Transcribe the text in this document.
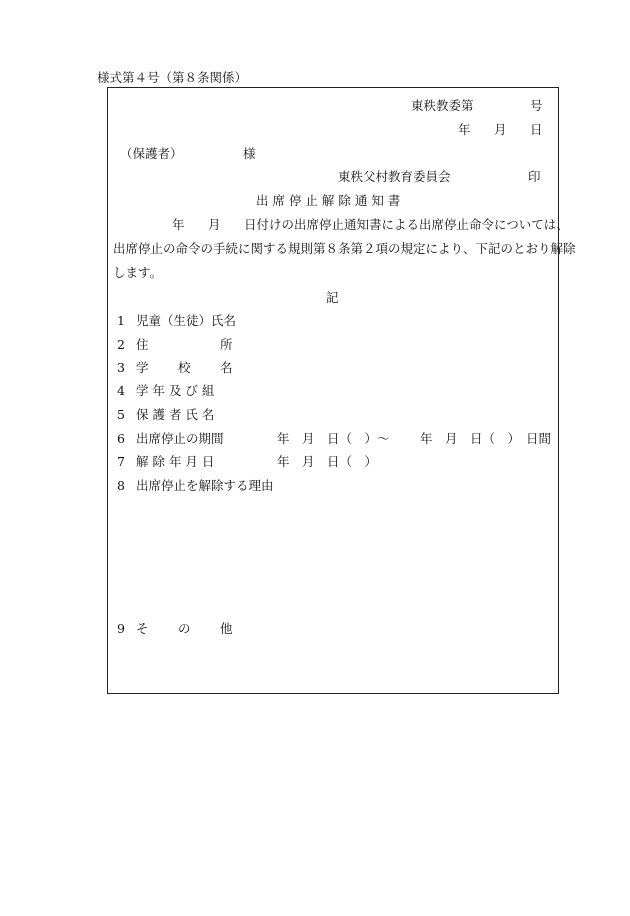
様式第４号（第８条関係）
東秩教委第	号
年 月 日
（保護者）	様
東秩父村教育委員会	印
出 席 停 止 解 除 通 知 書
年 月 日付けの出席停止通知書による出席停止命令については、
出席停止の命令の手続に関する規則第８条第２項の規定により、下記のとおり解除
します。
記
1 児童（生徒）氏名
2 住	所
3 学 校 名
4 学 年 及 び 組
5 保 護 者 氏 名
6 出席停止の期間	年　月　日（　）～ 年　月　日（　） 日間
7 解 除 年 月 日	年　月　日（　）
8 出席停止を解除する理由
9 そ の 他
